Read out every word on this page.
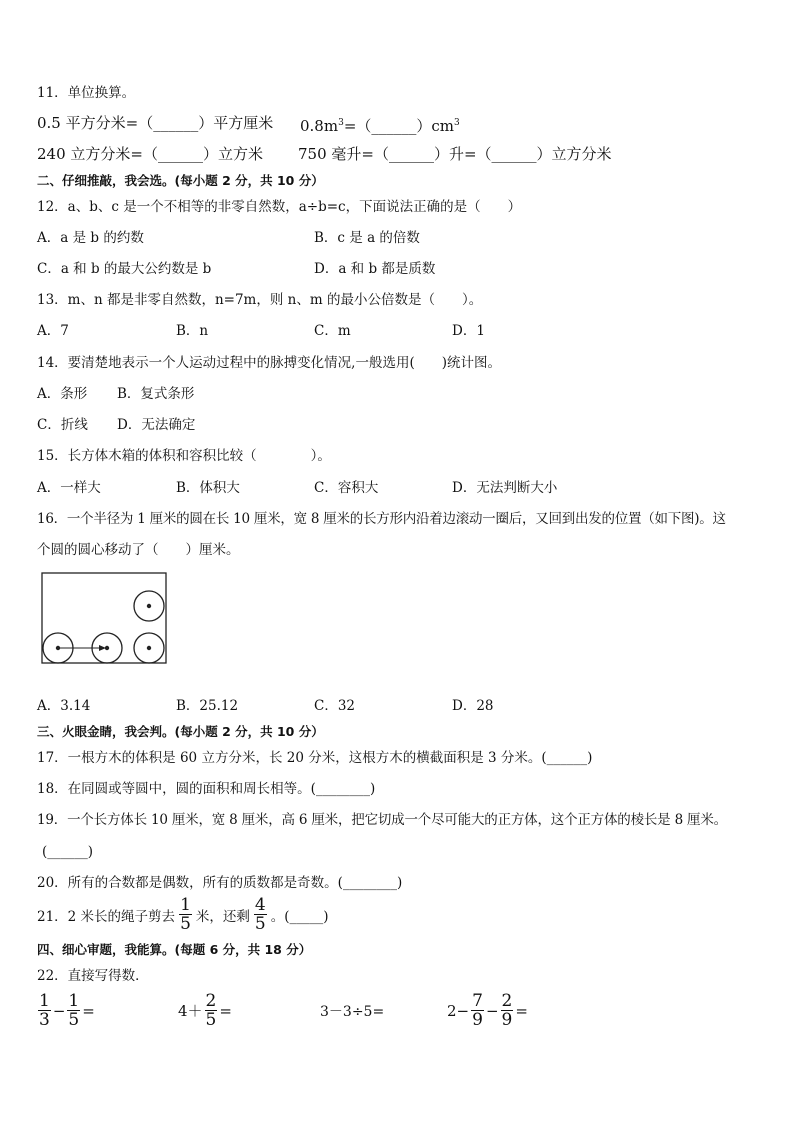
11．单位换算。
0.5 平方分米=（______）平方厘米 $0.8m^3=(\_\_\_\_\_\_)cm^3$
240 立方分米=（______）立方米 750 毫升=（______）升=（______）立方分米
二、仔细推敲，我会选。(每小题 2 分，共 10 分）
12．a、b、c 是一个不相等的非零自然数，a÷b=c，下面说法正确的是（　　）
A．a 是 b 的约数	B．c 是 a 的倍数
C．a 和 b 的最大公约数是 b	D．a 和 b 都是质数
13．m、n 都是非零自然数，n=7m，则 n、m 的最小公倍数是（　　）。
A．7	B．n	C．m	D．1
14．要清楚地表示一个人运动过程中的脉搏变化情况,一般选用(　　)统计图。
A．条形 B．复式条形
C．折线 D．无法确定
15．长方体木箱的体积和容积比较（　　　　）。
A．一样大	B．体积大	C．容积大	D．无法判断大小
16．一个半径为 1 厘米的圆在长 10 厘米，宽 8 厘米的长方形内沿着边滚动一圈后，又回到出发的位置（如下图)。这
个圆的圆心移动了（　　）厘米。
A．3.14	B．25.12	C．32	D．28
三、火眼金睛，我会判。(每小题 2 分，共 10 分）
17．一根方木的体积是 60 立方分米，长 20 分米，这根方木的横截面积是 3 分米。(______)
18．在同圆或等圆中，圆的面积和周长相等。(________)
19．一个长方体长 10 厘米，宽 8 厘米，高 6 厘米，把它切成一个尽可能大的正方体，这个正方体的棱长是 8 厘米。
(______)
20．所有的合数都是偶数，所有的质数都是奇数。(________)
21．2 米长的绳子剪去 $\frac{1}{5}$ 米，还剩 $\frac{4}{5}$ 。(_____)
四、细心审题，我能算。(每题 6 分，共 18 分）
22．直接写得数．
$\frac{1}{3} - \frac{1}{5}$ =	$4+ \frac{2}{5}$ =	3－3÷5=	$2- \frac{7}{9} - \frac{2}{9}$ =
